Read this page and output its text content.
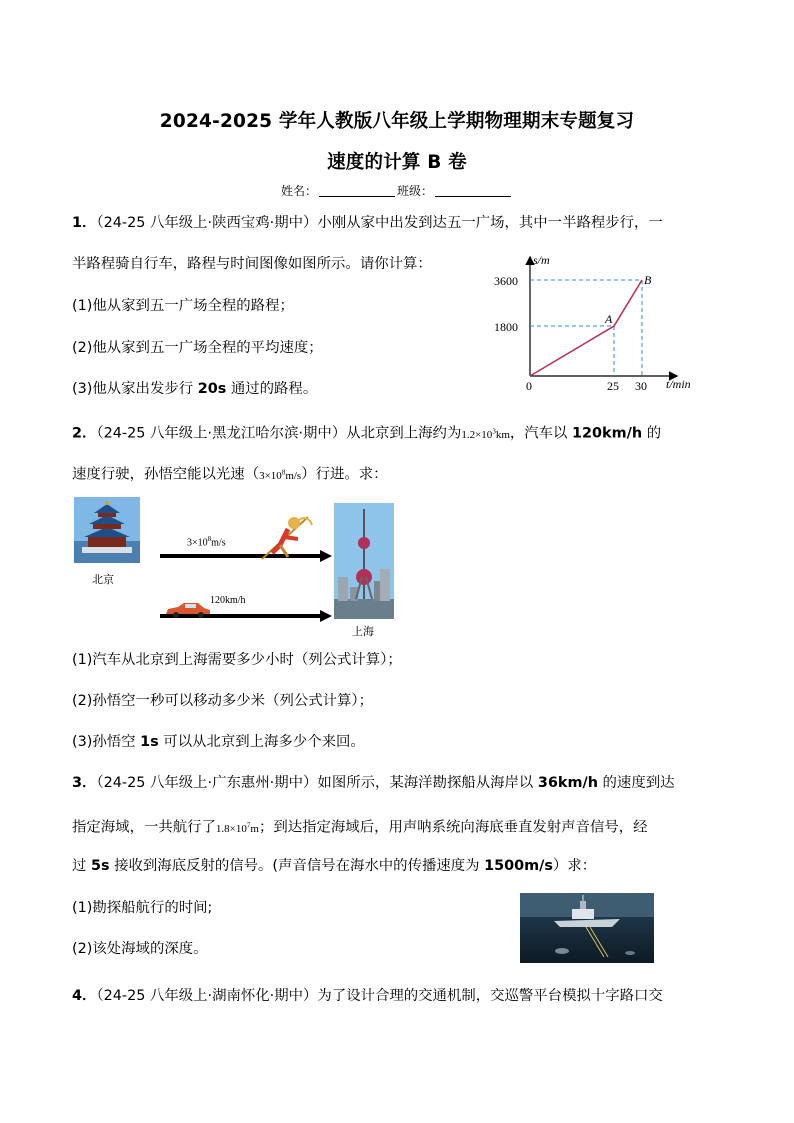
2024-2025 学年人教版八年级上学期物理期末专题复习
速度的计算 B 卷
姓名：	班级：
1．（24-25 八年级上·陕西宝鸡·期中）小刚从家中出发到达五一广场，其中一半路程步行，一
半路程骑自行车，路程与时间图像如图所示。请你计算：
(1)他从家到五一广场全程的路程；
(2)他从家到五一广场全程的平均速度；
(3)他从家出发步行 20s 通过的路程。
s/m
t/min
3600
1800
0	25 30
A
B
2．（24-25 八年级上·黑龙江哈尔滨·期中）从北京到上海约为$1.2\times 10^3km$，汽车以 120km/h 的
速度行驶，孙悟空能以光速$(3\times 10^8m/s)$行进。求：
北京
$3\times 10^8m/s$
120km/h
上海
(1)汽车从北京到上海需要多少小时（列公式计算）；
(2)孙悟空一秒可以移动多少米（列公式计算）；
(3)孙悟空 1s 可以从北京到上海多少个来回。
3．（24-25 八年级上·广东惠州·期中）如图所示，某海洋勘探船从海岸以 36km/h 的速度到达
指定海域，一共航行了$1.8\times 10^7m$；到达指定海域后，用声呐系统向海底垂直发射声音信号，经
过 5s 接收到海底反射的信号。(声音信号在海水中的传播速度为 1500m/s）求：
(1)勘探船航行的时间;
(2)该处海域的深度。
4．（24-25 八年级上·湖南怀化·期中）为了设计合理的交通机制，交巡警平台模拟十字路口交
